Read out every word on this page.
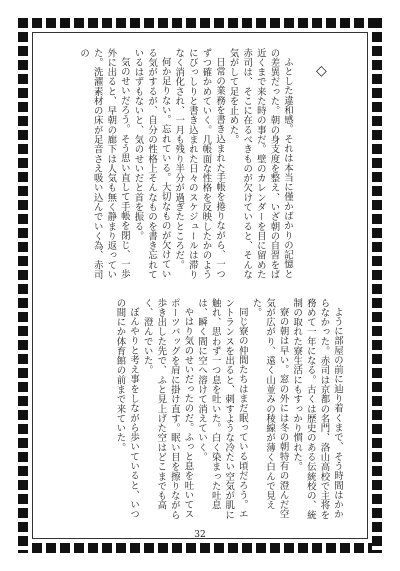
◇

ふとした違和感。それは本当に僅かばかりの記憶との差異だった。朝の身支度を整え、いざ朝の自習をば近くまで来た時の事だ。壁のカレンダーを目に留めた赤司は、そこに在るべきものが欠けていると、そんな気がして足を止めた。

日常の業務を書き込まれた手帳を捲りながら、一つずつ確かめていく。几帳面な性格を反映したかのようにびっしりと書き込まれた日々のスケジュールは滞りなく消化され、一月も残り半分が過ぎたところだ。

何か足りない。忘れている。大切なものが欠けている気がするが、自分の性格上そんなものを書き忘れているはずもないと、気のせいだと首を振る。

気のせいだろう。そう思い直して手帳を閉じ、一歩外に出ると、早朝の廊下は人気も無く静まり返っていた。洗濯素材の床が足音さえ吸い込んでいく為、赤司の

ように部屋の前に辿り着くまで、そう時間はかからなかった。赤司は京都の名門、洛山高校で主将を務めて一年になる。古くは歴史のある伝統校の、統制の取れた寮生活にもすっかり慣れた。

寮の朝は早い。窓の外には冬の朝特有の澄んだ空気が広がり、遠く山並みの稜線が薄く白んで見えた。

同じ寮の仲間たちはまだ眠っている頃だろう。エントランスを出ると、刺すような冷たい空気が肌に触れ、思わず一つ息を吐いた。白く染まった吐息は、瞬く間に空へ溶けて消えていく。

やはり気のせいだったのだ。ふっと息を吐いてスポーツバッグを肩に掛け直す。眠い目を擦りながら歩き出した先で、ふと見上げた空はどこまでも高く、澄んでいた。

ぼんやりと考え事をしながら歩いていると、いつの間にか体育館の前まで来ていた。

32
